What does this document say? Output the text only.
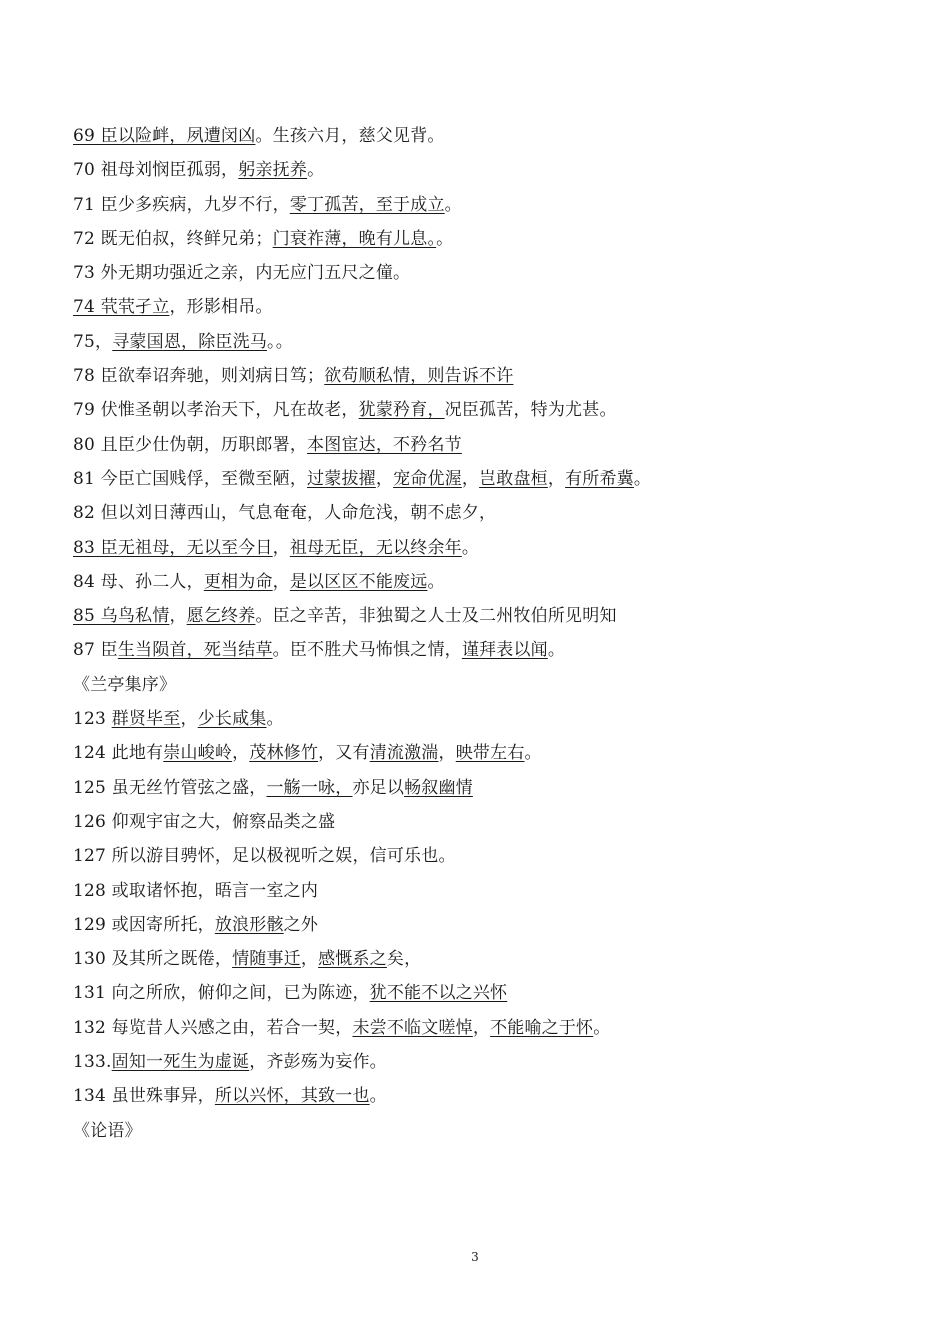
69 臣以险衅，夙遭闵凶。生孩六月，慈父见背。
70 祖母刘悯臣孤弱，躬亲抚养。
71 臣少多疾病，九岁不行，零丁孤苦，至于成立。
72 既无伯叔，终鲜兄弟；门衰祚薄，晚有儿息。。
73 外无期功强近之亲，内无应门五尺之僮。
74 茕茕孑立，形影相吊。
75，寻蒙国恩，除臣洗马。。
78 臣欲奉诏奔驰，则刘病日笃；欲苟顺私情，则告诉不许
79 伏惟圣朝以孝治天下，凡在故老，犹蒙矜育，况臣孤苦，特为尤甚。
80 且臣少仕伪朝，历职郎署，本图宦达，不矜名节
81 今臣亡国贱俘，至微至陋，过蒙拔擢，宠命优渥，岂敢盘桓，有所希冀。
82 但以刘日薄西山，气息奄奄，人命危浅，朝不虑夕，
83 臣无祖母，无以至今日，祖母无臣，无以终余年。
84 母、孙二人，更相为命，是以区区不能废远。
85 乌鸟私情，愿乞终养。臣之辛苦，非独蜀之人士及二州牧伯所见明知
87 臣生当陨首，死当结草。臣不胜犬马怖惧之情，谨拜表以闻。
《兰亭集序》
123 群贤毕至，少长咸集。
124 此地有崇山峻岭，茂林修竹，又有清流激湍，映带左右。
125 虽无丝竹管弦之盛，一觞一咏，亦足以畅叙幽情
126 仰观宇宙之大，俯察品类之盛
127 所以游目骋怀，足以极视听之娱，信可乐也。
128 或取诸怀抱，晤言一室之内
129 或因寄所托，放浪形骸之外
130 及其所之既倦，情随事迁，感慨系之矣，
131 向之所欣，俯仰之间，已为陈迹，犹不能不以之兴怀
132 每览昔人兴感之由，若合一契，未尝不临文嗟悼，不能喻之于怀。
133.固知一死生为虚诞，齐彭殇为妄作。
134 虽世殊事异，所以兴怀，其致一也。
《论语》
3
